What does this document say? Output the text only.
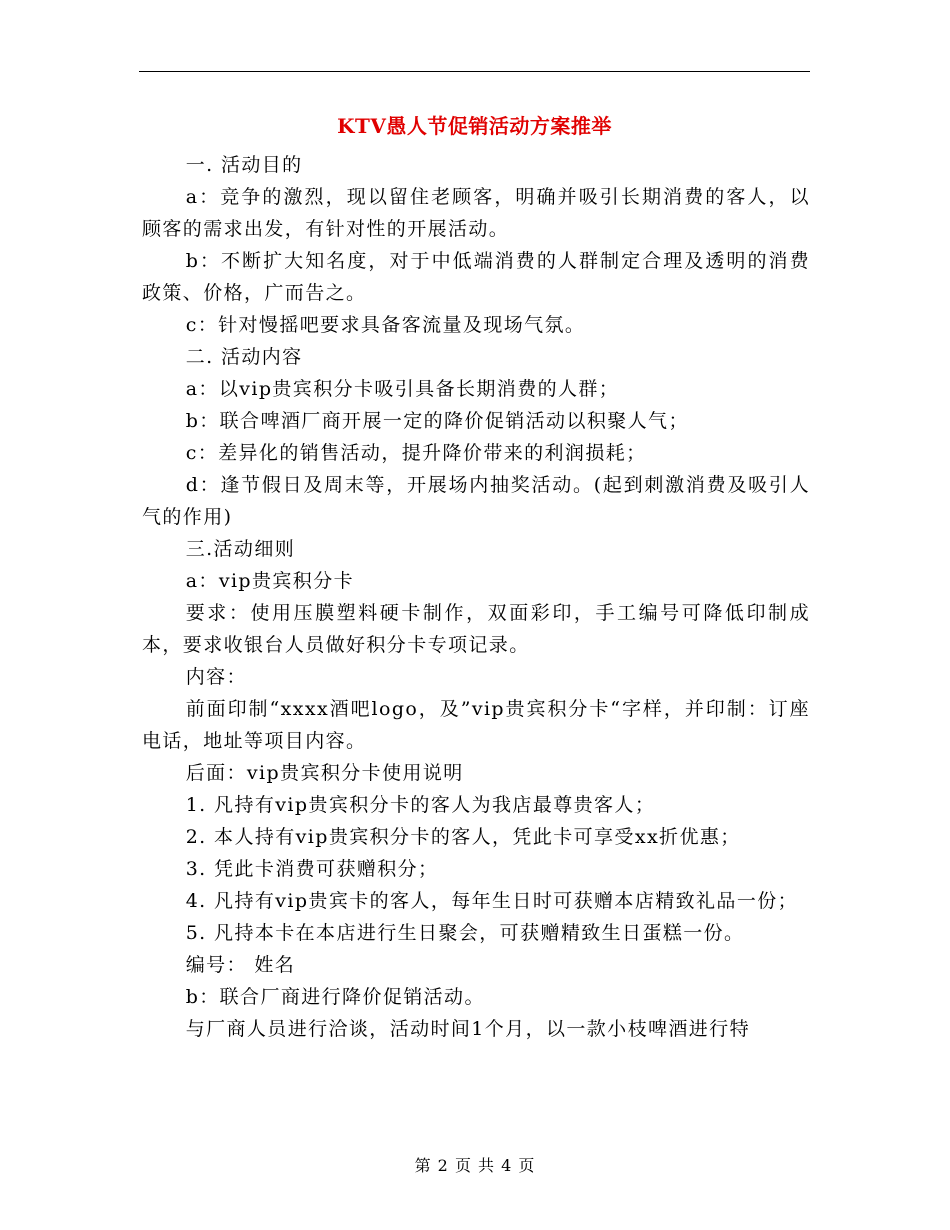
KTV愚人节促销活动方案推举

一. 活动目的

a：竞争的激烈，现以留住老顾客，明确并吸引长期消费的客人，以顾客的需求出发，有针对性的开展活动。

b：不断扩大知名度，对于中低端消费的人群制定合理及透明的消费政策、价格，广而告之。

c：针对慢摇吧要求具备客流量及现场气氛。

二. 活动内容

a：以vip贵宾积分卡吸引具备长期消费的人群；

b：联合啤酒厂商开展一定的降价促销活动以积聚人气；

c：差异化的销售活动，提升降价带来的利润损耗；

d：逢节假日及周末等，开展场内抽奖活动。(起到刺激消费及吸引人气的作用)

三.活动细则

a：vip贵宾积分卡

要求：使用压膜塑料硬卡制作，双面彩印，手工编号可降低印制成本，要求收银台人员做好积分卡专项记录。

内容：

前面印制“xxxx酒吧logo，及”vip贵宾积分卡“字样，并印制：订座电话，地址等项目内容。

后面：vip贵宾积分卡使用说明

1. 凡持有vip贵宾积分卡的客人为我店最尊贵客人；

2. 本人持有vip贵宾积分卡的客人，凭此卡可享受xx折优惠；

3. 凭此卡消费可获赠积分；

4. 凡持有vip贵宾卡的客人，每年生日时可获赠本店精致礼品一份；

5. 凡持本卡在本店进行生日聚会，可获赠精致生日蛋糕一份。

编号： 姓名

b：联合厂商进行降价促销活动。

与厂商人员进行洽谈，活动时间1个月，以一款小枝啤酒进行特

第 2 页 共 4 页
